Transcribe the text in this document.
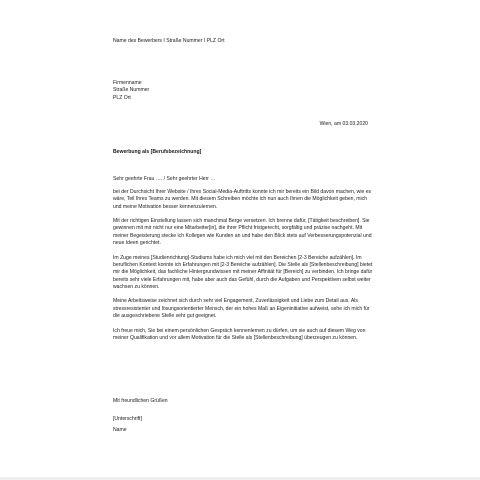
Name des Bewerbers I Straße Nummer I PLZ Ort
Firmenname
Straße Nummer
PLZ Ort
Wien, am 03.03.2020
Bewerbung als [Berufsbezeichnung]
Sehr geehrte Frau …. / Sehr geehrter Herr …

bei der Durchsicht Ihrer Website / Ihres Social-Media-Auftritts konnte ich mir bereits ein Bild davon machen, wie es wäre, Teil Ihres Teams zu werden. Mit diesem Schreiben möchte ich nun auch Ihnen die Möglichkeit geben, mich und meine Motivation besser kennenzulernen.

Mit der richtigen Einstellung lassen sich manchmal Berge versetzen. Ich brenne dafür, [Tätigkeit beschreiben]. Sie gewinnen mit mir nicht nur eine Mitarbeiter[in], die ihrer Pflicht fristgerecht, sorgfältig und präzise nachgeht. Mit meiner Begeisterung stecke ich Kollegen wie Kunden an und habe den Blick stets auf Verbesserungspotenzial und neue Ideen gerichtet.

Im Zuge meines [Studienrichtung]-Studiums habe ich mich viel mit den Bereichen [2-3 Bereiche aufzählen]. Im beruflichen Kontext konnte ich Erfahrungen mit [2-3 Bereiche aufzählen]. Die Stelle als [Stellenbeschreibung] bietet mir die Möglichkeit, das fachliche Hintergrundwissen mit meiner Affinität für [Bereich] zu verbinden. Ich bringe dafür bereits sehr viele Erfahrungen mit, habe aber auch das Gefühl, durch die Aufgaben und Perspektiven selbst weiter wachsen zu können.

Meine Arbeitsweise zeichnet sich durch sehr viel Engagement, Zuverlässigkeit und Liebe zum Detail aus. Als stressresistenter und lösungsorientierter Mensch, der ein hohes Maß an Eigeninitiative aufweist, sehe ich mich für die ausgeschriebene Stelle sehr gut geeignet.

Ich freue mich, Sie bei einem persönlichen Gespräch kennenlernen zu dürfen, um sie auch auf diesem Weg von meiner Qualifikation und vor allem Motivation für die Stelle als [Stellenbeschreibung] überzeugen zu können.

Mit freundlichen Grüßen
[Unterschrift]
Name
